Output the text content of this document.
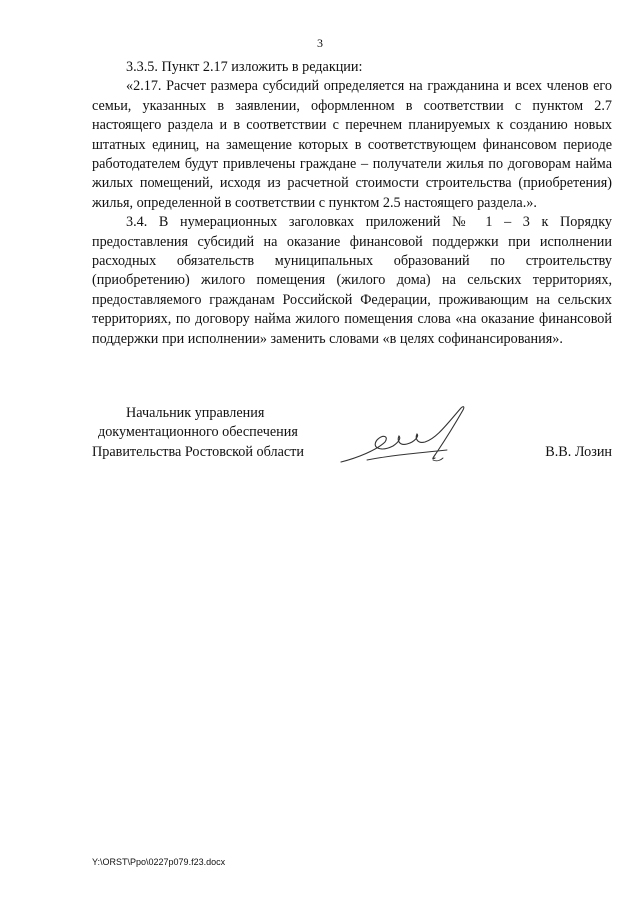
3

3.3.5. Пункт 2.17 изложить в редакции:

«2.17. Расчет размера субсидий определяется на гражданина и всех членов его семьи, указанных в заявлении, оформленном в соответствии с пунктом 2.7 настоящего раздела и в соответствии с перечнем планируемых к созданию новых штатных единиц, на замещение которых в соответствующем финансовом периоде работодателем будут привлечены граждане – получатели жилья по договорам найма жилых помещений, исходя из расчетной стоимости строительства (приобретения) жилья, определенной в соответствии с пунктом 2.5 настоящего раздела.».

3.4. В нумерационных заголовках приложений № 1 – 3 к Порядку предоставления субсидий на оказание финансовой поддержки при исполнении расходных обязательств муниципальных образований по строительству (приобретению) жилого помещения (жилого дома) на сельских территориях, предоставляемого гражданам Российской Федерации, проживающим на сельских территориях, по договору найма жилого помещения слова «на оказание финансовой поддержки при исполнении» заменить словами «в целях софинансирования».

Начальник управления
документационного обеспечения
Правительства Ростовской области	В.В. Лозин
Y:\ORST\Ppo\0227p079.f23.docx
